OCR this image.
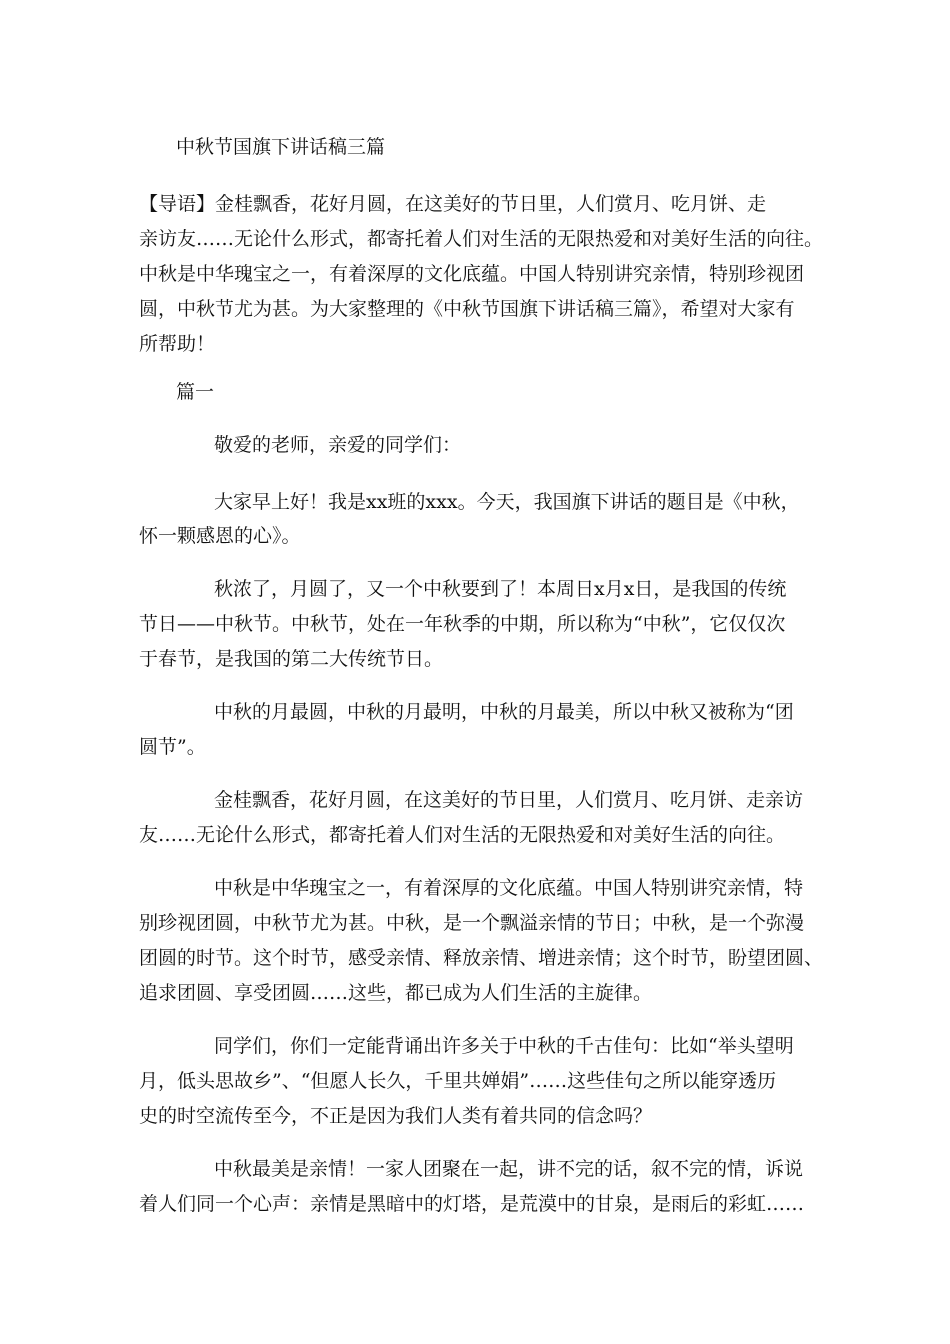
中秋节国旗下讲话稿三篇
【导语】金桂飘香，花好月圆，在这美好的节日里，人们赏月、吃月饼、走
亲访友……无论什么形式，都寄托着人们对生活的无限热爱和对美好生活的向往。
中秋是中华瑰宝之一，有着深厚的文化底蕴。中国人特别讲究亲情，特别珍视团
圆，中秋节尤为甚。为大家整理的《中秋节国旗下讲话稿三篇》，希望对大家有
所帮助！
篇一
敬爱的老师，亲爱的同学们：
大家早上好！我是xx班的xxx。今天，我国旗下讲话的题目是《中秋，
怀一颗感恩的心》。
秋浓了，月圆了，又一个中秋要到了！本周日x月x日，是我国的传统
节日——中秋节。中秋节，处在一年秋季的中期，所以称为“中秋”，它仅仅次
于春节，是我国的第二大传统节日。
中秋的月最圆，中秋的月最明，中秋的月最美，所以中秋又被称为“团
圆节”。
金桂飘香，花好月圆，在这美好的节日里，人们赏月、吃月饼、走亲访
友……无论什么形式，都寄托着人们对生活的无限热爱和对美好生活的向往。
中秋是中华瑰宝之一，有着深厚的文化底蕴。中国人特别讲究亲情，特
别珍视团圆，中秋节尤为甚。中秋，是一个飘溢亲情的节日；中秋，是一个弥漫
团圆的时节。这个时节，感受亲情、释放亲情、增进亲情；这个时节，盼望团圆、
追求团圆、享受团圆……这些，都已成为人们生活的主旋律。
同学们，你们一定能背诵出许多关于中秋的千古佳句：比如“举头望明
月，低头思故乡”、“但愿人长久，千里共婵娟”……这些佳句之所以能穿透历
史的时空流传至今，不正是因为我们人类有着共同的信念吗？
中秋最美是亲情！一家人团聚在一起，讲不完的话，叙不完的情，诉说
着人们同一个心声：亲情是黑暗中的灯塔，是荒漠中的甘泉，是雨后的彩虹……
